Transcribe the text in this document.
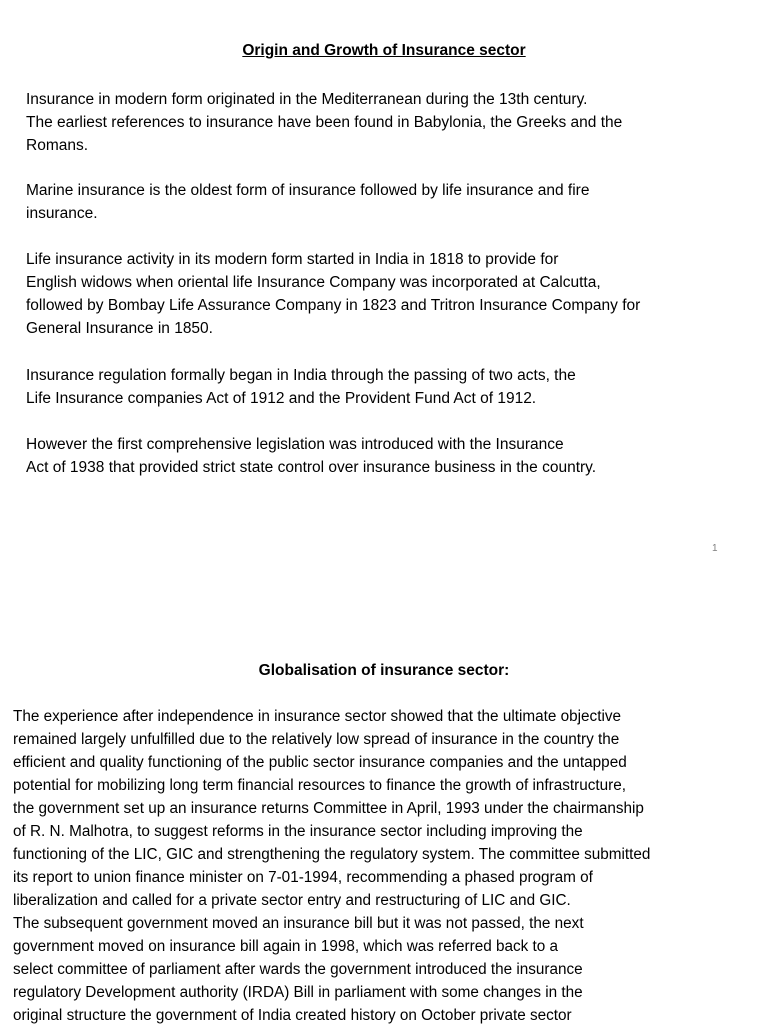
Origin and Growth of Insurance sector
Insurance in modern form originated in the Mediterranean during the 13th century.
The earliest references to insurance have been found in Babylonia, the Greeks and the
Romans.
Marine insurance is the oldest form of insurance followed by life insurance and fire
insurance.
Life insurance activity in its modern form started in India in 1818 to provide for
English widows when oriental life Insurance Company was incorporated at Calcutta,
followed by Bombay Life Assurance Company in 1823 and Tritron Insurance Company for
General Insurance in 1850.
Insurance regulation formally began in India through the passing of two acts, the
Life Insurance companies Act of 1912 and the Provident Fund Act of 1912.
However the first comprehensive legislation was introduced with the Insurance
Act of 1938 that provided strict state control over insurance business in the country.
1
Globalisation of insurance sector:
The experience after independence in insurance sector showed that the ultimate objective
remained largely unfulfilled due to the relatively low spread of insurance in the country the
efficient and quality functioning of the public sector insurance companies and the untapped
potential for mobilizing long term financial resources to finance the growth of infrastructure,
the government set up an insurance returns Committee in April, 1993 under the chairmanship
of R. N. Malhotra, to suggest reforms in the insurance sector including improving the
functioning of the LIC, GIC and strengthening the regulatory system. The committee submitted
its report to union finance minister on 7-01-1994, recommending a phased program of
liberalization and called for a private sector entry and restructuring of LIC and GIC.
The subsequent government moved an insurance bill but it was not passed, the next
government moved on insurance bill again in 1998, which was referred back to a
select committee of parliament after wards the government introduced the insurance
regulatory Development authority (IRDA) Bill in parliament with some changes in the
original structure the government of India created history on October private sector
